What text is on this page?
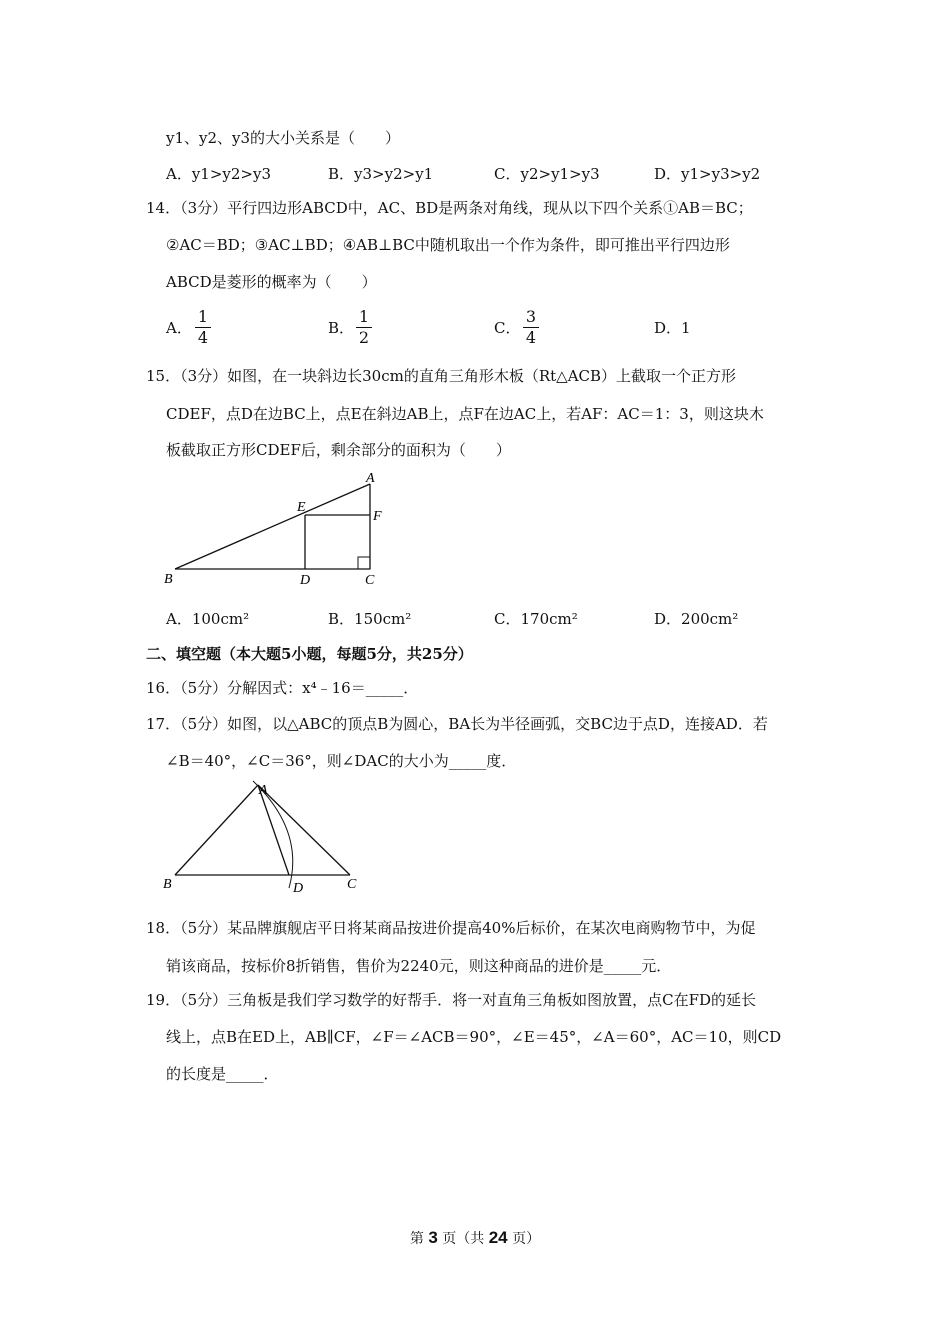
y1、y2、y3的大小关系是（　　）
A．y1>y2>y3	B．y3>y2>y1	C．y2>y1>y3	D．y1>y3>y2
14．（3分）平行四边形ABCD中，AC、BD是两条对角线，现从以下四个关系①AB＝BC；
②AC＝BD；③AC⊥BD；④AB⊥BC中随机取出一个作为条件，即可推出平行四边形
ABCD是菱形的概率为（　　）
A．
1
4	B．
1
2	C．
3
4	D．1
15．（3分）如图，在一块斜边长30cm的直角三角形木板（Rt△ACB）上截取一个正方形
CDEF，点D在边BC上，点E在斜边AB上，点F在边AC上，若AF：AC＝1：3，则这块木
板截取正方形CDEF后，剩余部分的面积为（　　）
A
E
F
B	D	C
A．100cm²	B．150cm²	C．170cm²	D．200cm²
二、填空题（本大题5小题，每题5分，共25分）
16．（5分）分解因式：x⁴﹣16＝_____．
17．（5分）如图，以△ABC的顶点B为圆心，BA长为半径画弧，交BC边于点D，连接AD．若
∠B＝40°，∠C＝36°，则∠DAC的大小为_____度．
A
B	D	C
18．（5分）某品牌旗舰店平日将某商品按进价提高40%后标价，在某次电商购物节中，为促
销该商品，按标价8折销售，售价为2240元，则这种商品的进价是_____元．
19．（5分）三角板是我们学习数学的好帮手．将一对直角三角板如图放置，点C在FD的延长
线上，点B在ED上，AB∥CF，∠F＝∠ACB＝90°，∠E＝45°，∠A＝60°，AC＝10，则CD
的长度是_____．
第 3 页（共 24 页）
